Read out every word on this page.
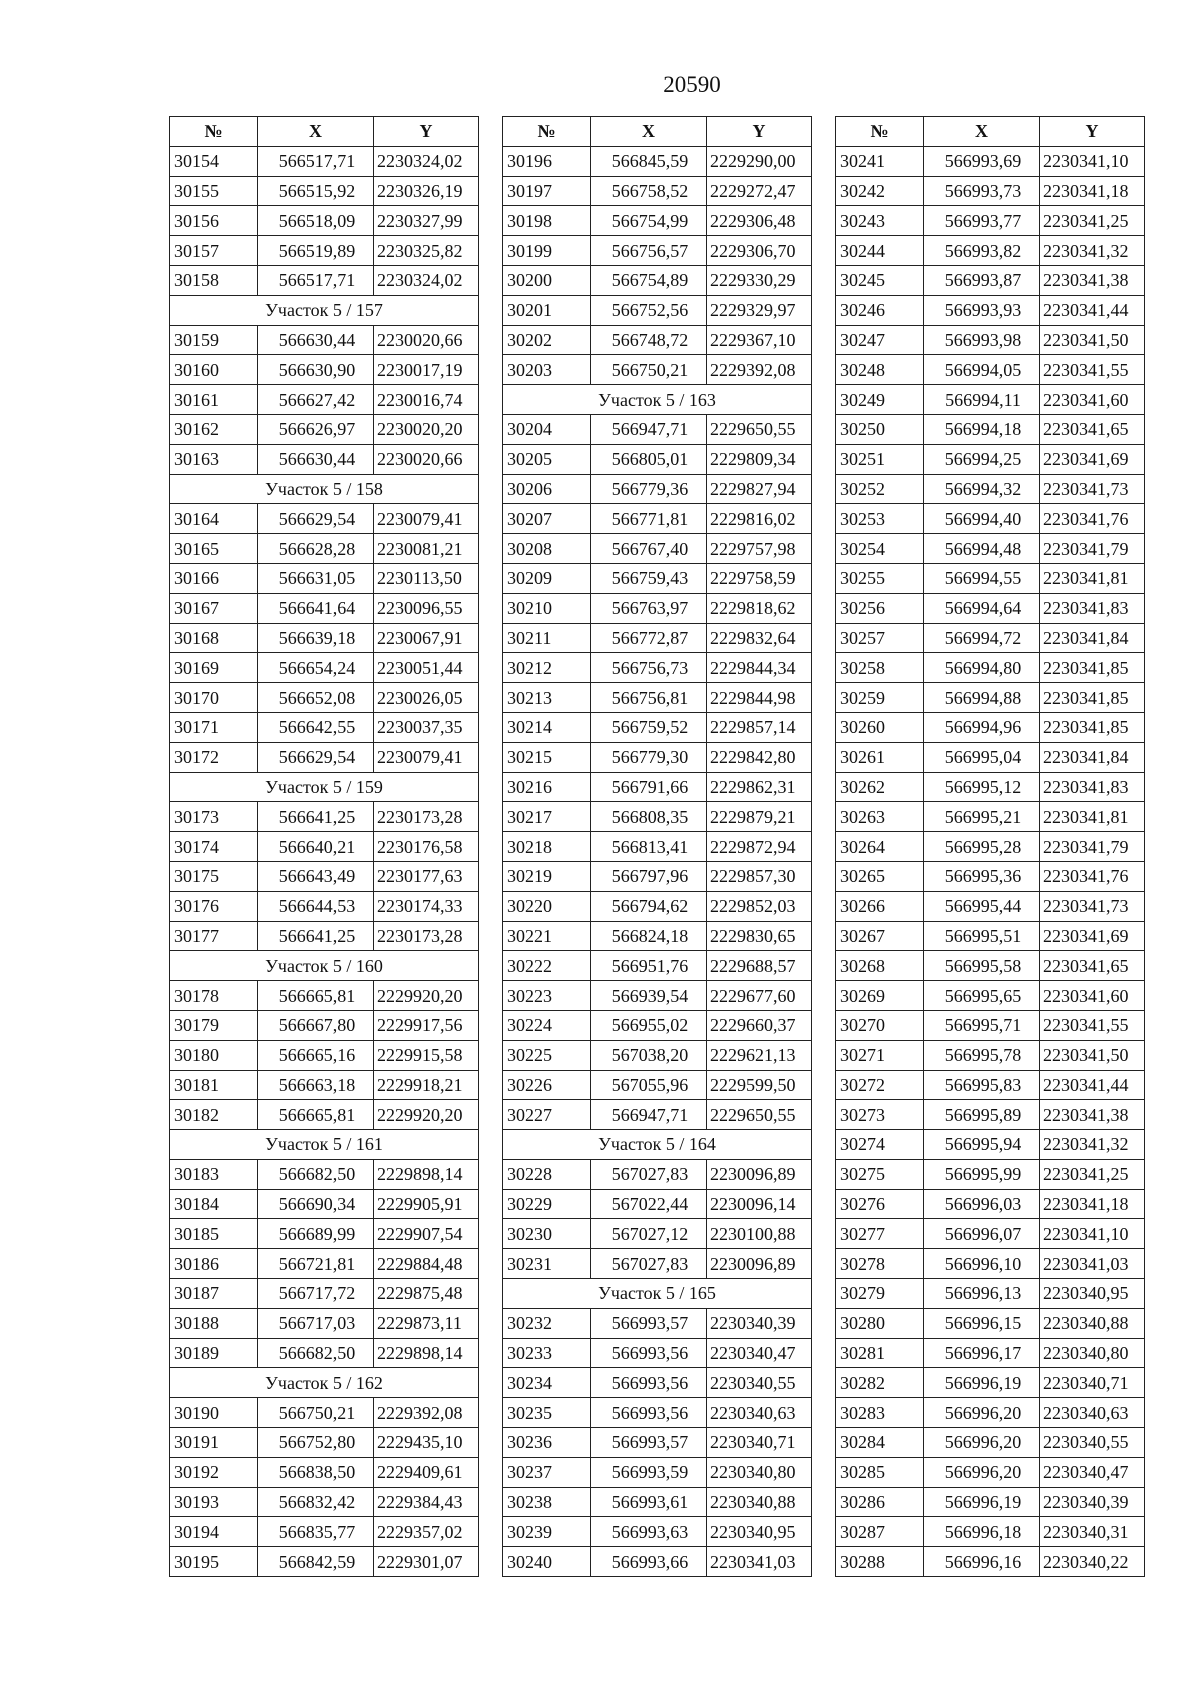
20590
№	X	Y
30154	566517,71	2230324,02
30155	566515,92	2230326,19
30156	566518,09	2230327,99
30157	566519,89	2230325,82
30158	566517,71	2230324,02
Участок 5 / 157		
30159	566630,44	2230020,66
30160	566630,90	2230017,19
30161	566627,42	2230016,74
30162	566626,97	2230020,20
30163	566630,44	2230020,66
Участок 5 / 158		
30164	566629,54	2230079,41
30165	566628,28	2230081,21
30166	566631,05	2230113,50
30167	566641,64	2230096,55
30168	566639,18	2230067,91
30169	566654,24	2230051,44
30170	566652,08	2230026,05
30171	566642,55	2230037,35
30172	566629,54	2230079,41
Участок 5 / 159		
30173	566641,25	2230173,28
30174	566640,21	2230176,58
30175	566643,49	2230177,63
30176	566644,53	2230174,33
30177	566641,25	2230173,28
Участок 5 / 160		
30178	566665,81	2229920,20
30179	566667,80	2229917,56
30180	566665,16	2229915,58
30181	566663,18	2229918,21
30182	566665,81	2229920,20
Участок 5 / 161		
30183	566682,50	2229898,14
30184	566690,34	2229905,91
30185	566689,99	2229907,54
30186	566721,81	2229884,48
30187	566717,72	2229875,48
30188	566717,03	2229873,11
30189	566682,50	2229898,14
Участок 5 / 162		
30190	566750,21	2229392,08
30191	566752,80	2229435,10
30192	566838,50	2229409,61
30193	566832,42	2229384,43
30194	566835,77	2229357,02
30195	566842,59	2229301,07
№	X	Y
30196	566845,59	2229290,00
30197	566758,52	2229272,47
30198	566754,99	2229306,48
30199	566756,57	2229306,70
30200	566754,89	2229330,29
30201	566752,56	2229329,97
30202	566748,72	2229367,10
30203	566750,21	2229392,08
Участок 5 / 163		
30204	566947,71	2229650,55
30205	566805,01	2229809,34
30206	566779,36	2229827,94
30207	566771,81	2229816,02
30208	566767,40	2229757,98
30209	566759,43	2229758,59
30210	566763,97	2229818,62
30211	566772,87	2229832,64
30212	566756,73	2229844,34
30213	566756,81	2229844,98
30214	566759,52	2229857,14
30215	566779,30	2229842,80
30216	566791,66	2229862,31
30217	566808,35	2229879,21
30218	566813,41	2229872,94
30219	566797,96	2229857,30
30220	566794,62	2229852,03
30221	566824,18	2229830,65
30222	566951,76	2229688,57
30223	566939,54	2229677,60
30224	566955,02	2229660,37
30225	567038,20	2229621,13
30226	567055,96	2229599,50
30227	566947,71	2229650,55
Участок 5 / 164		
30228	567027,83	2230096,89
30229	567022,44	2230096,14
30230	567027,12	2230100,88
30231	567027,83	2230096,89
Участок 5 / 165		
30232	566993,57	2230340,39
30233	566993,56	2230340,47
30234	566993,56	2230340,55
30235	566993,56	2230340,63
30236	566993,57	2230340,71
30237	566993,59	2230340,80
30238	566993,61	2230340,88
30239	566993,63	2230340,95
30240	566993,66	2230341,03
№	X	Y
30241	566993,69	2230341,10
30242	566993,73	2230341,18
30243	566993,77	2230341,25
30244	566993,82	2230341,32
30245	566993,87	2230341,38
30246	566993,93	2230341,44
30247	566993,98	2230341,50
30248	566994,05	2230341,55
30249	566994,11	2230341,60
30250	566994,18	2230341,65
30251	566994,25	2230341,69
30252	566994,32	2230341,73
30253	566994,40	2230341,76
30254	566994,48	2230341,79
30255	566994,55	2230341,81
30256	566994,64	2230341,83
30257	566994,72	2230341,84
30258	566994,80	2230341,85
30259	566994,88	2230341,85
30260	566994,96	2230341,85
30261	566995,04	2230341,84
30262	566995,12	2230341,83
30263	566995,21	2230341,81
30264	566995,28	2230341,79
30265	566995,36	2230341,76
30266	566995,44	2230341,73
30267	566995,51	2230341,69
30268	566995,58	2230341,65
30269	566995,65	2230341,60
30270	566995,71	2230341,55
30271	566995,78	2230341,50
30272	566995,83	2230341,44
30273	566995,89	2230341,38
30274	566995,94	2230341,32
30275	566995,99	2230341,25
30276	566996,03	2230341,18
30277	566996,07	2230341,10
30278	566996,10	2230341,03
30279	566996,13	2230340,95
30280	566996,15	2230340,88
30281	566996,17	2230340,80
30282	566996,19	2230340,71
30283	566996,20	2230340,63
30284	566996,20	2230340,55
30285	566996,20	2230340,47
30286	566996,19	2230340,39
30287	566996,18	2230340,31
30288	566996,16	2230340,22
